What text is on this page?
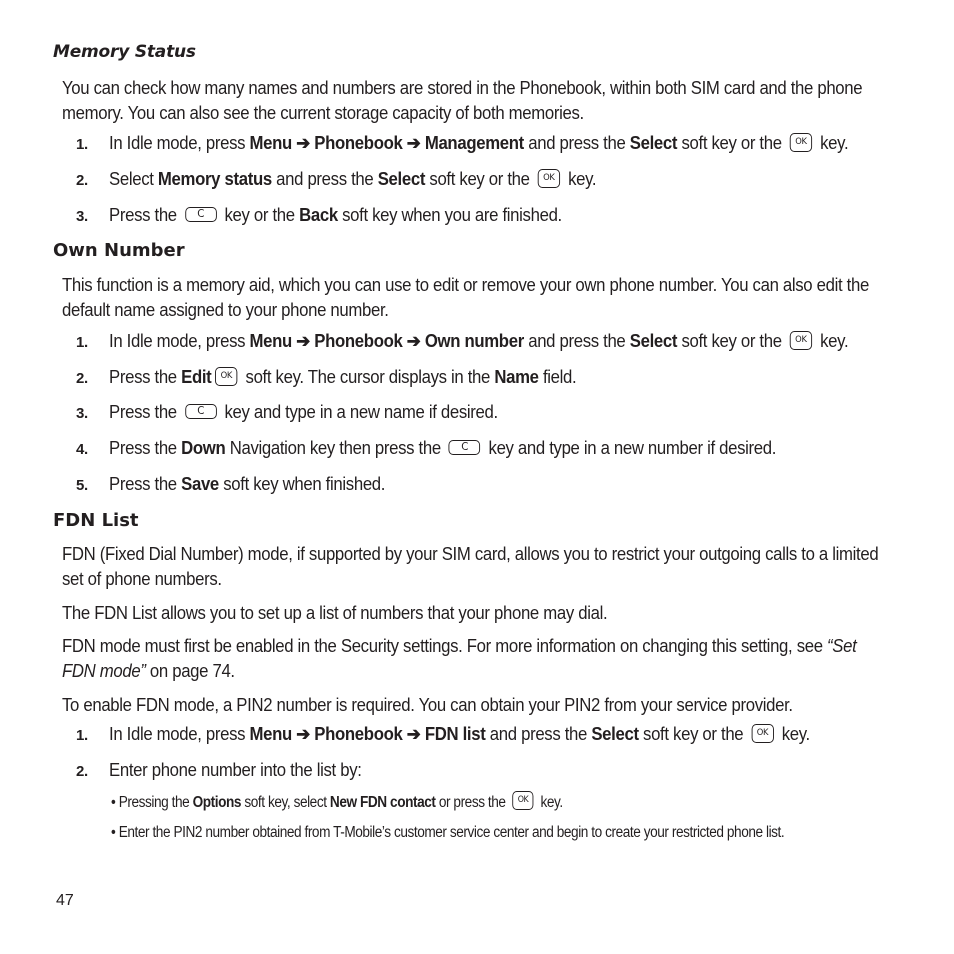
Memory Status
You can check how many names and numbers are stored in the Phonebook, within both SIM card and the phone
memory. You can also see the current storage capacity of both memories.
1. In Idle mode, press Menu ➔ Phonebook ➔ Management and press the Select soft key or the OK key.
2. Select Memory status and press the Select soft key or the OK key.
3. Press the C key or the Back soft key when you are finished.
Own Number
This function is a memory aid, which you can use to edit or remove your own phone number. You can also edit the
default name assigned to your phone number.
1. In Idle mode, press Menu ➔ Phonebook ➔ Own number and press the Select soft key or the OK key.
2. Press the Edit OK soft key. The cursor displays in the Name field.
3. Press the C key and type in a new name if desired.
4. Press the Down Navigation key then press the C key and type in a new number if desired.
5. Press the Save soft key when finished.
FDN List
FDN (Fixed Dial Number) mode, if supported by your SIM card, allows you to restrict your outgoing calls to a limited
set of phone numbers.
The FDN List allows you to set up a list of numbers that your phone may dial.
FDN mode must first be enabled in the Security settings. For more information on changing this setting, see “Set
FDN mode” on page 74.
To enable FDN mode, a PIN2 number is required. You can obtain your PIN2 from your service provider.
1. In Idle mode, press Menu ➔ Phonebook ➔ FDN list and press the Select soft key or the OK key.
2. Enter phone number into the list by:
• Pressing the Options soft key, select New FDN contact or press the OK key.
• Enter the PIN2 number obtained from T-Mobile’s customer service center and begin to create your restricted phone list.
47
